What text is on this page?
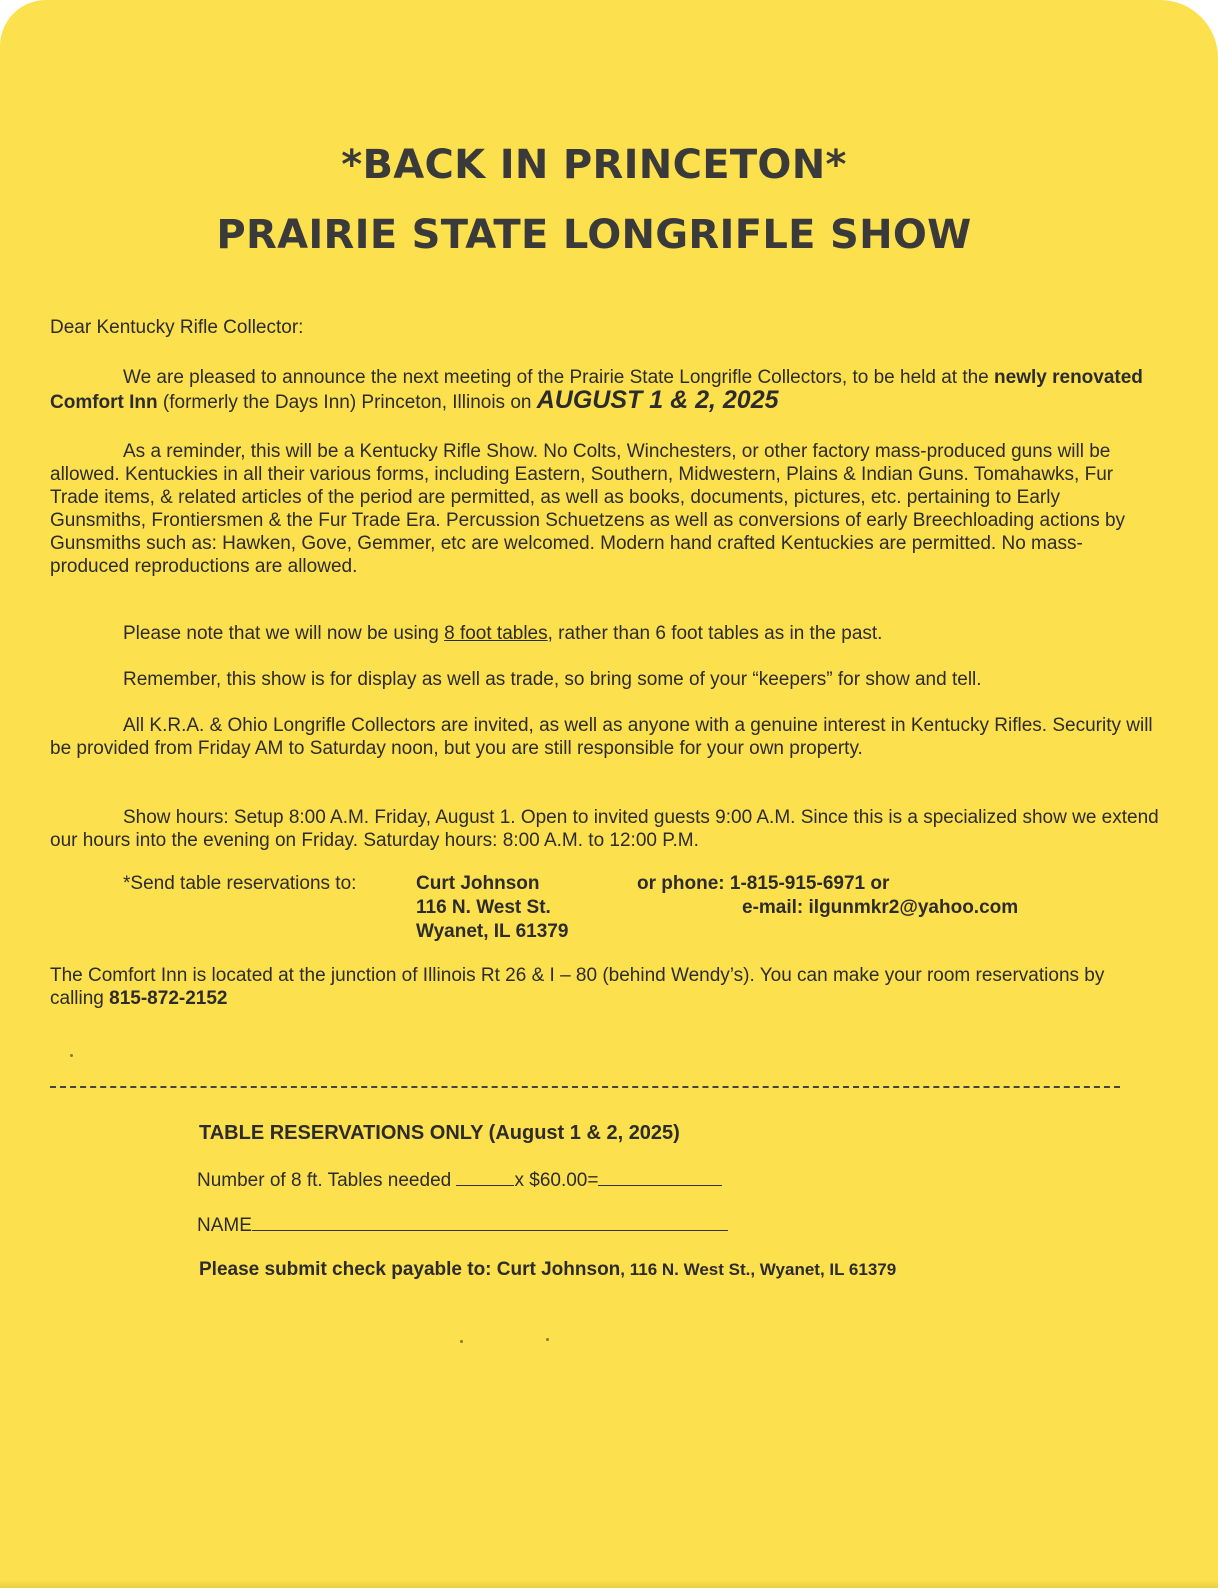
*BACK IN PRINCETON*
PRAIRIE STATE LONGRIFLE SHOW
Dear Kentucky Rifle Collector:
We are pleased to announce the next meeting of the Prairie State Longrifle Collectors, to be held at the newly renovated Comfort Inn (formerly the Days Inn) Princeton, Illinois on AUGUST 1 & 2, 2025
As a reminder, this will be a Kentucky Rifle Show. No Colts, Winchesters, or other factory mass-produced guns will be allowed. Kentuckies in all their various forms, including Eastern, Southern, Midwestern, Plains & Indian Guns. Tomahawks, Fur Trade items, & related articles of the period are permitted, as well as books, documents, pictures, etc. pertaining to Early Gunsmiths, Frontiersmen & the Fur Trade Era. Percussion Schuetzens as well as conversions of early Breechloading actions by Gunsmiths such as: Hawken, Gove, Gemmer, etc are welcomed. Modern hand crafted Kentuckies are permitted. No mass-produced reproductions are allowed.
Please note that we will now be using 8 foot tables, rather than 6 foot tables as in the past.
Remember, this show is for display as well as trade, so bring some of your “keepers” for show and tell.
All K.R.A. & Ohio Longrifle Collectors are invited, as well as anyone with a genuine interest in Kentucky Rifles. Security will be provided from Friday AM to Saturday noon, but you are still responsible for your own property.
Show hours: Setup 8:00 A.M. Friday, August 1. Open to invited guests 9:00 A.M. Since this is a specialized show we extend our hours into the evening on Friday. Saturday hours: 8:00 A.M. to 12:00 P.M.
*Send table reservations to:	Curt Johnson
116 N. West St.
Wyanet, IL 61379
or phone: 1-815-915-6971 or
e-mail: ilgunmkr2@yahoo.com
The Comfort Inn is located at the junction of Illinois Rt 26 & I – 80 (behind Wendy’s). You can make your room reservations by calling 815-872-2152
TABLE RESERVATIONS ONLY (August 1 & 2, 2025)
Number of 8 ft. Tables needed	x $60.00=
NAME
Please submit check payable to: Curt Johnson, 116 N. West St., Wyanet, IL 61379
